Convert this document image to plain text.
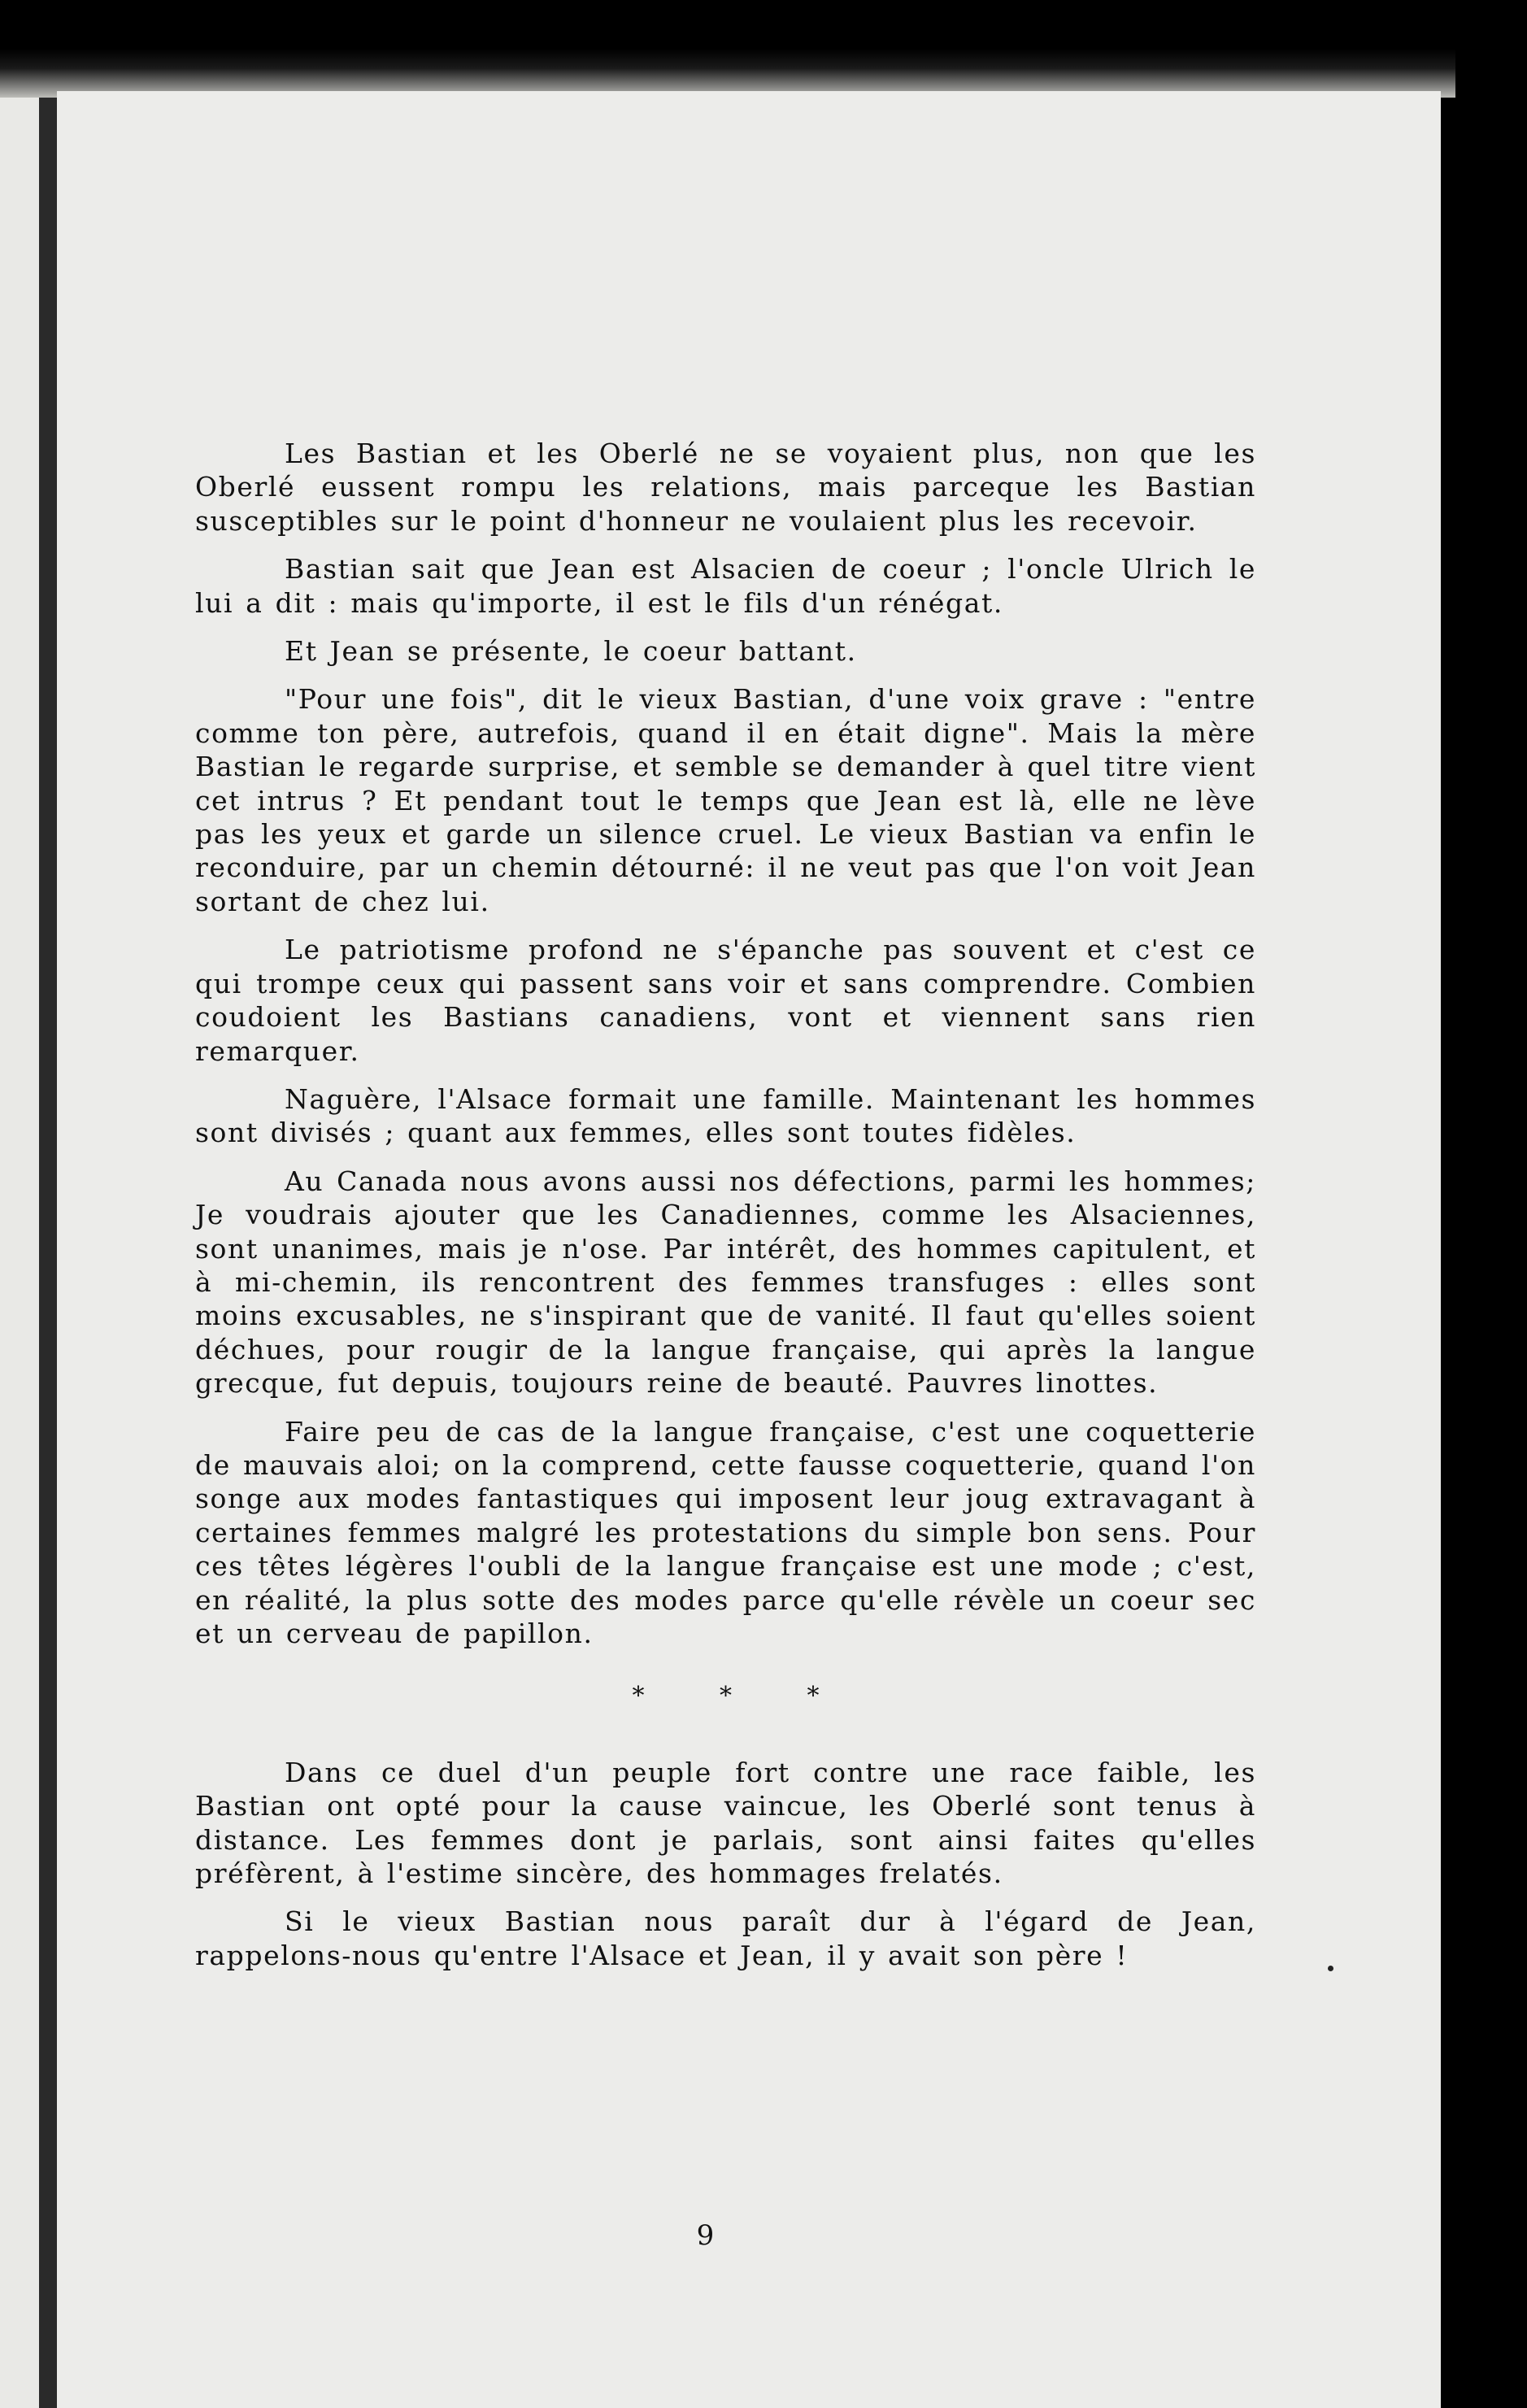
Les Bastian et les Oberlé ne se voyaient plus, non que les Oberlé eussent rompu les relations, mais parceque les Bastian susceptibles sur le point d'honneur ne voulaient plus les recevoir.

Bastian sait que Jean est Alsacien de coeur ; l'oncle Ulrich le lui a dit : mais qu'importe, il est le fils d'un rénégat.

Et Jean se présente, le coeur battant.

"Pour une fois", dit le vieux Bastian, d'une voix grave : "entre comme ton père, autrefois, quand il en était digne". Mais la mère Bastian le regarde surprise, et semble se demander à quel titre vient cet intrus ? Et pendant tout le temps que Jean est là, elle ne lève pas les yeux et garde un silence cruel. Le vieux Bastian va enfin le reconduire, par un chemin détourné: il ne veut pas que l'on voit Jean sortant de chez lui.

Le patriotisme profond ne s'épanche pas souvent et c'est ce qui trompe ceux qui passent sans voir et sans comprendre. Combien coudoient les Bastians canadiens, vont et viennent sans rien remarquer.

Naguère, l'Alsace formait une famille. Maintenant les hommes sont divisés ; quant aux femmes, elles sont toutes fidèles.

Au Canada nous avons aussi nos défections, parmi les hommes; Je voudrais ajouter que les Canadiennes, comme les Alsaciennes, sont unanimes, mais je n'ose. Par intérêt, des hommes capitulent, et à mi-chemin, ils rencontrent des femmes transfuges : elles sont moins excusables, ne s'inspirant que de vanité. Il faut qu'elles soient déchues, pour rougir de la langue française, qui après la langue grecque, fut depuis, toujours reine de beauté. Pauvres linottes.

Faire peu de cas de la langue française, c'est une coquetterie de mauvais aloi; on la comprend, cette fausse coquetterie, quand l'on songe aux modes fantastiques qui imposent leur joug extravagant à certaines femmes malgré les protestations du simple bon sens. Pour ces têtes légères l'oubli de la langue française est une mode ; c'est, en réalité, la plus sotte des modes parce qu'elle révèle un coeur sec et un cerveau de papillon.

* * *

Dans ce duel d'un peuple fort contre une race faible, les Bastian ont opté pour la cause vaincue, les Oberlé sont tenus à distance. Les femmes dont je parlais, sont ainsi faites qu'elles préfèrent, à l'estime sincère, des hommages frelatés.

Si le vieux Bastian nous paraît dur à l'égard de Jean, rappelons-nous qu'entre l'Alsace et Jean, il y avait son père !

9
